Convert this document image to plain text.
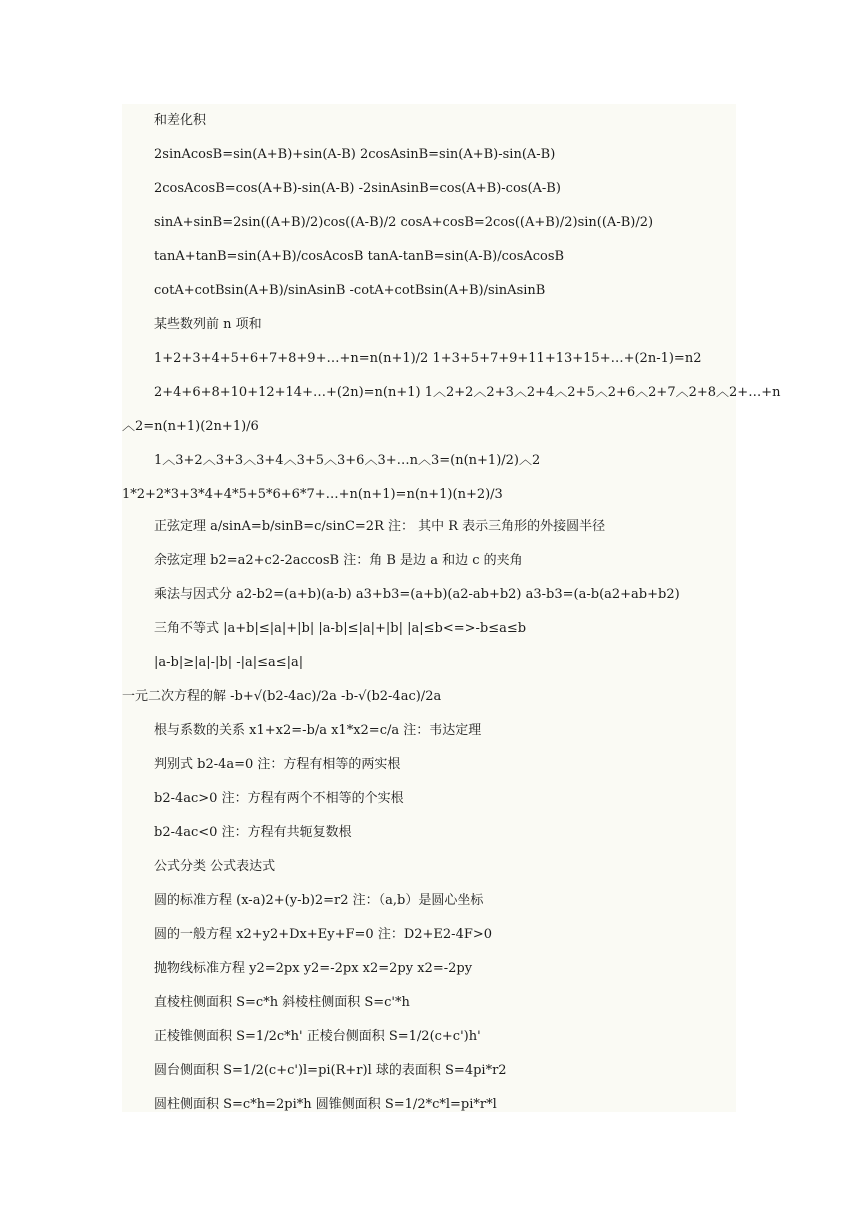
和差化积
2sinAcosB=sin(A+B)+sin(A-B) 2cosAsinB=sin(A+B)-sin(A-B)
2cosAcosB=cos(A+B)-sin(A-B) -2sinAsinB=cos(A+B)-cos(A-B)
sinA+sinB=2sin((A+B)/2)cos((A-B)/2 cosA+cosB=2cos((A+B)/2)sin((A-B)/2)
tanA+tanB=sin(A+B)/cosAcosB tanA-tanB=sin(A-B)/cosAcosB
cotA+cotBsin(A+B)/sinAsinB -cotA+cotBsin(A+B)/sinAsinB
某些数列前 n 项和
1+2+3+4+5+6+7+8+9+…+n=n(n+1)/2 1+3+5+7+9+11+13+15+…+(2n-1)=n2
2+4+6+8+10+12+14+…+(2n)=n(n+1) 1︿2+2︿2+3︿2+4︿2+5︿2+6︿2+7︿2+8︿2+…+n
︿2=n(n+1)(2n+1)/6
1︿3+2︿3+3︿3+4︿3+5︿3+6︿3+…n︿3=(n(n+1)/2)︿2
1*2+2*3+3*4+4*5+5*6+6*7+…+n(n+1)=n(n+1)(n+2)/3
正弦定理 a/sinA=b/sinB=c/sinC=2R 注： 其中 R 表示三角形的外接圆半径
余弦定理 b2=a2+c2-2accosB 注：角 B 是边 a 和边 c 的夹角
乘法与因式分 a2-b2=(a+b)(a-b) a3+b3=(a+b)(a2-ab+b2) a3-b3=(a-b(a2+ab+b2)
三角不等式 |a+b|≤|a|+|b| |a-b|≤|a|+|b| |a|≤b<=>-b≤a≤b
|a-b|≥|a|-|b| -|a|≤a≤|a|
一元二次方程的解 -b+√(b2-4ac)/2a -b-√(b2-4ac)/2a
根与系数的关系 x1+x2=-b/a x1*x2=c/a 注：韦达定理
判别式 b2-4a=0 注：方程有相等的两实根
b2-4ac>0 注：方程有两个不相等的个实根
b2-4ac<0 注：方程有共轭复数根
公式分类 公式表达式
圆的标准方程 (x-a)2+(y-b)2=r2 注：（a,b）是圆心坐标
圆的一般方程 x2+y2+Dx+Ey+F=0 注：D2+E2-4F>0
抛物线标准方程 y2=2px y2=-2px x2=2py x2=-2py
直棱柱侧面积 S=c*h 斜棱柱侧面积 S=c'*h
正棱锥侧面积 S=1/2c*h' 正棱台侧面积 S=1/2(c+c')h'
圆台侧面积 S=1/2(c+c')l=pi(R+r)l 球的表面积 S=4pi*r2
圆柱侧面积 S=c*h=2pi*h 圆锥侧面积 S=1/2*c*l=pi*r*l
